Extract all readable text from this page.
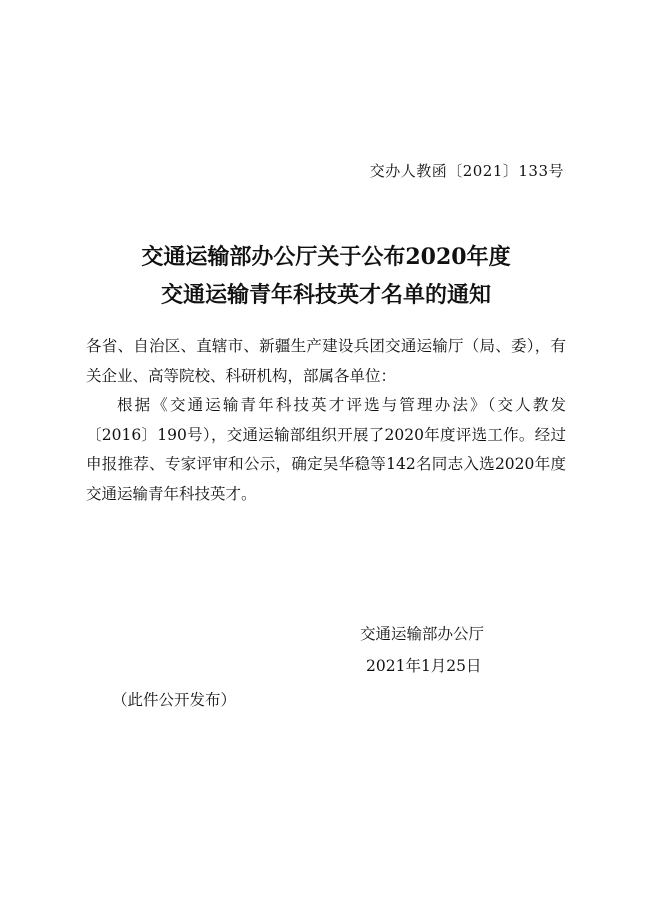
交办人教函〔2021〕133号
交通运输部办公厅关于公布2020年度
交通运输青年科技英才名单的通知

各省、自治区、直辖市、新疆生产建设兵团交通运输厅（局、委），有关企业、高等院校、科研机构，部属各单位：

根据《交通运输青年科技英才评选与管理办法》（交人教发〔2016〕190号），交通运输部组织开展了2020年度评选工作。经过申报推荐、专家评审和公示，确定吴华稳等142名同志入选2020年度交通运输青年科技英才。

交通运输部办公厅
2021年1月25日
（此件公开发布）
